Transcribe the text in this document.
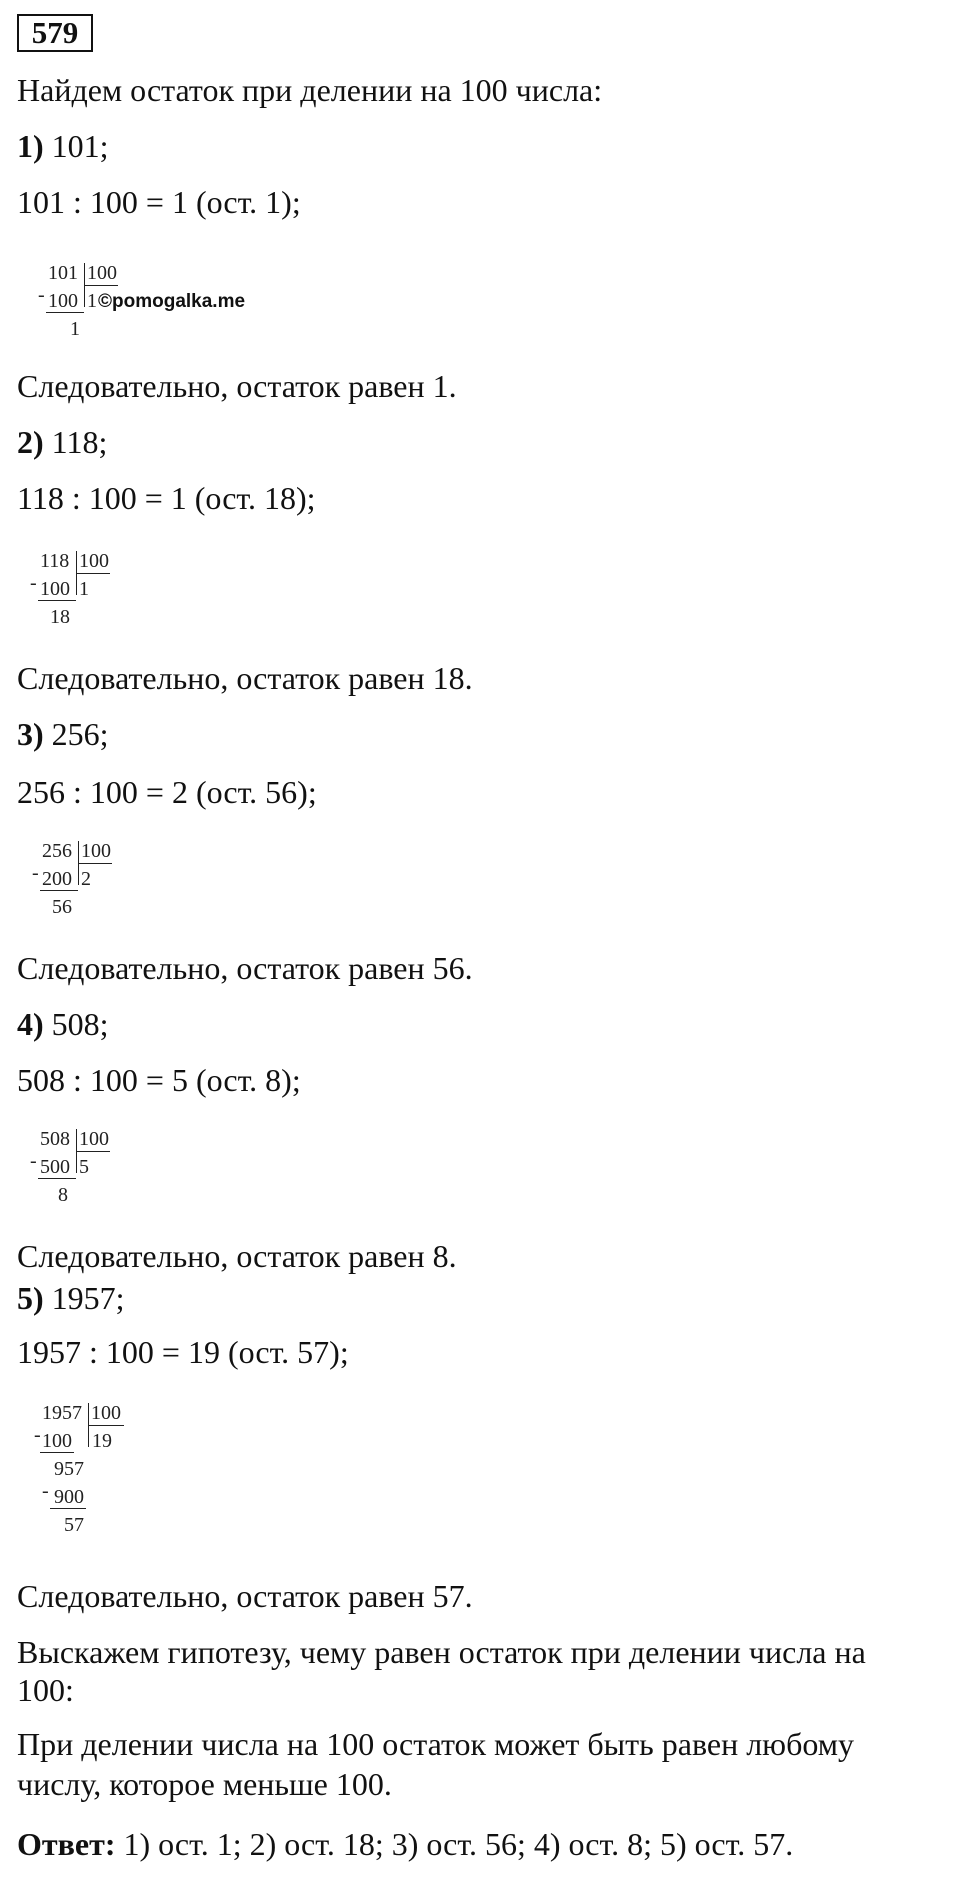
579
Найдем остаток при делении на 100 числа:
1) 101;
101 : 100 = 1 (ост. 1);
101 100
- 100 1 ©pomogalka.me
1
Следовательно, остаток равен 1.
2) 118;
118 : 100 = 1 (ост. 18);
118 100
- 100 1
18
Следовательно, остаток равен 18.
3) 256;
256 : 100 = 2 (ост. 56);
256 100
- 200 2
56
Следовательно, остаток равен 56.
4) 508;
508 : 100 = 5 (ост. 8);
508 100
- 500 5
8
Следовательно, остаток равен 8.
5) 1957;
1957 : 100 = 19 (ост. 57);
1957 100
- 100 19
957
- 900
57
Следовательно, остаток равен 57.
Выскажем гипотезу, чему равен остаток при делении числа на
100:
При делении числа на 100 остаток может быть равен любому
числу, которое меньше 100.
Ответ: 1) ост. 1; 2) ост. 18; 3) ост. 56; 4) ост. 8; 5) ост. 57.
